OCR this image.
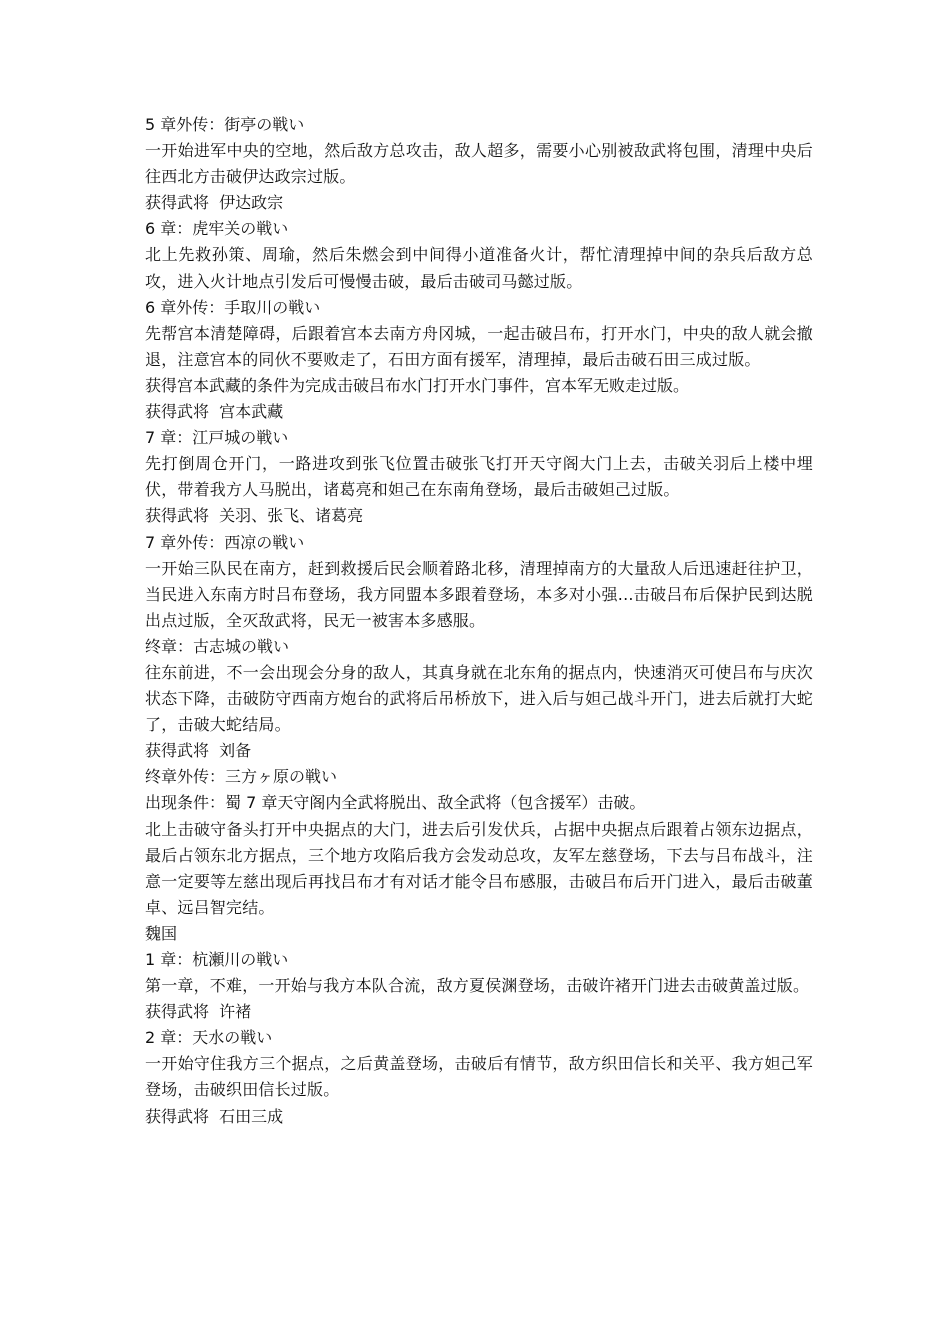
5 章外传：街亭の戦い
一开始进军中央的空地，然后敌方总攻击，敌人超多，需要小心别被敌武将包围，清理中央后往西北方击破伊达政宗过版。
获得武将  伊达政宗
6 章：虎牢关の戦い
北上先救孙策、周瑜，然后朱燃会到中间得小道准备火计，帮忙清理掉中间的杂兵后敌方总攻，进入火计地点引发后可慢慢击破，最后击破司马懿过版。
6 章外传：手取川の戦い
先帮宫本清楚障碍，后跟着宫本去南方舟冈城，一起击破吕布，打开水门，中央的敌人就会撤退，注意宫本的同伙不要败走了，石田方面有援军，清理掉，最后击破石田三成过版。
获得宫本武藏的条件为完成击破吕布水门打开水门事件，宫本军无败走过版。
获得武将  宫本武藏
7 章：江戸城の戦い
先打倒周仓开门，一路进攻到张飞位置击破张飞打开天守阁大门上去，击破关羽后上楼中埋伏，带着我方人马脱出，诸葛亮和妲己在东南角登场，最后击破妲己过版。
获得武将  关羽、张飞、诸葛亮
7 章外传：西凉の戦い
一开始三队民在南方，赶到救援后民会顺着路北移，清理掉南方的大量敌人后迅速赶往护卫，当民进入东南方时吕布登场，我方同盟本多跟着登场，本多对小强...击破吕布后保护民到达脱出点过版，全灭敌武将，民无一被害本多感服。
终章：古志城の戦い
往东前进，不一会出现会分身的敌人，其真身就在北东角的据点内，快速消灭可使吕布与庆次状态下降，击破防守西南方炮台的武将后吊桥放下，进入后与妲己战斗开门，进去后就打大蛇了，击破大蛇结局。
获得武将  刘备
终章外传：三方ヶ原の戦い
出现条件：蜀 7 章天守阁内全武将脱出、敌全武将（包含援军）击破。
北上击破守备头打开中央据点的大门，进去后引发伏兵，占据中央据点后跟着占领东边据点，最后占领东北方据点，三个地方攻陷后我方会发动总攻，友军左慈登场，下去与吕布战斗，注意一定要等左慈出现后再找吕布才有对话才能令吕布感服，击破吕布后开门进入，最后击破董卓、远吕智完结。
魏国
1 章：杭瀬川の戦い
第一章，不难，一开始与我方本队合流，敌方夏侯渊登场，击破许褚开门进去击破黄盖过版。
获得武将  许褚
2 章：天水の戦い
一开始守住我方三个据点，之后黄盖登场，击破后有情节，敌方织田信长和关平、我方妲己军登场，击破织田信长过版。
获得武将  石田三成
